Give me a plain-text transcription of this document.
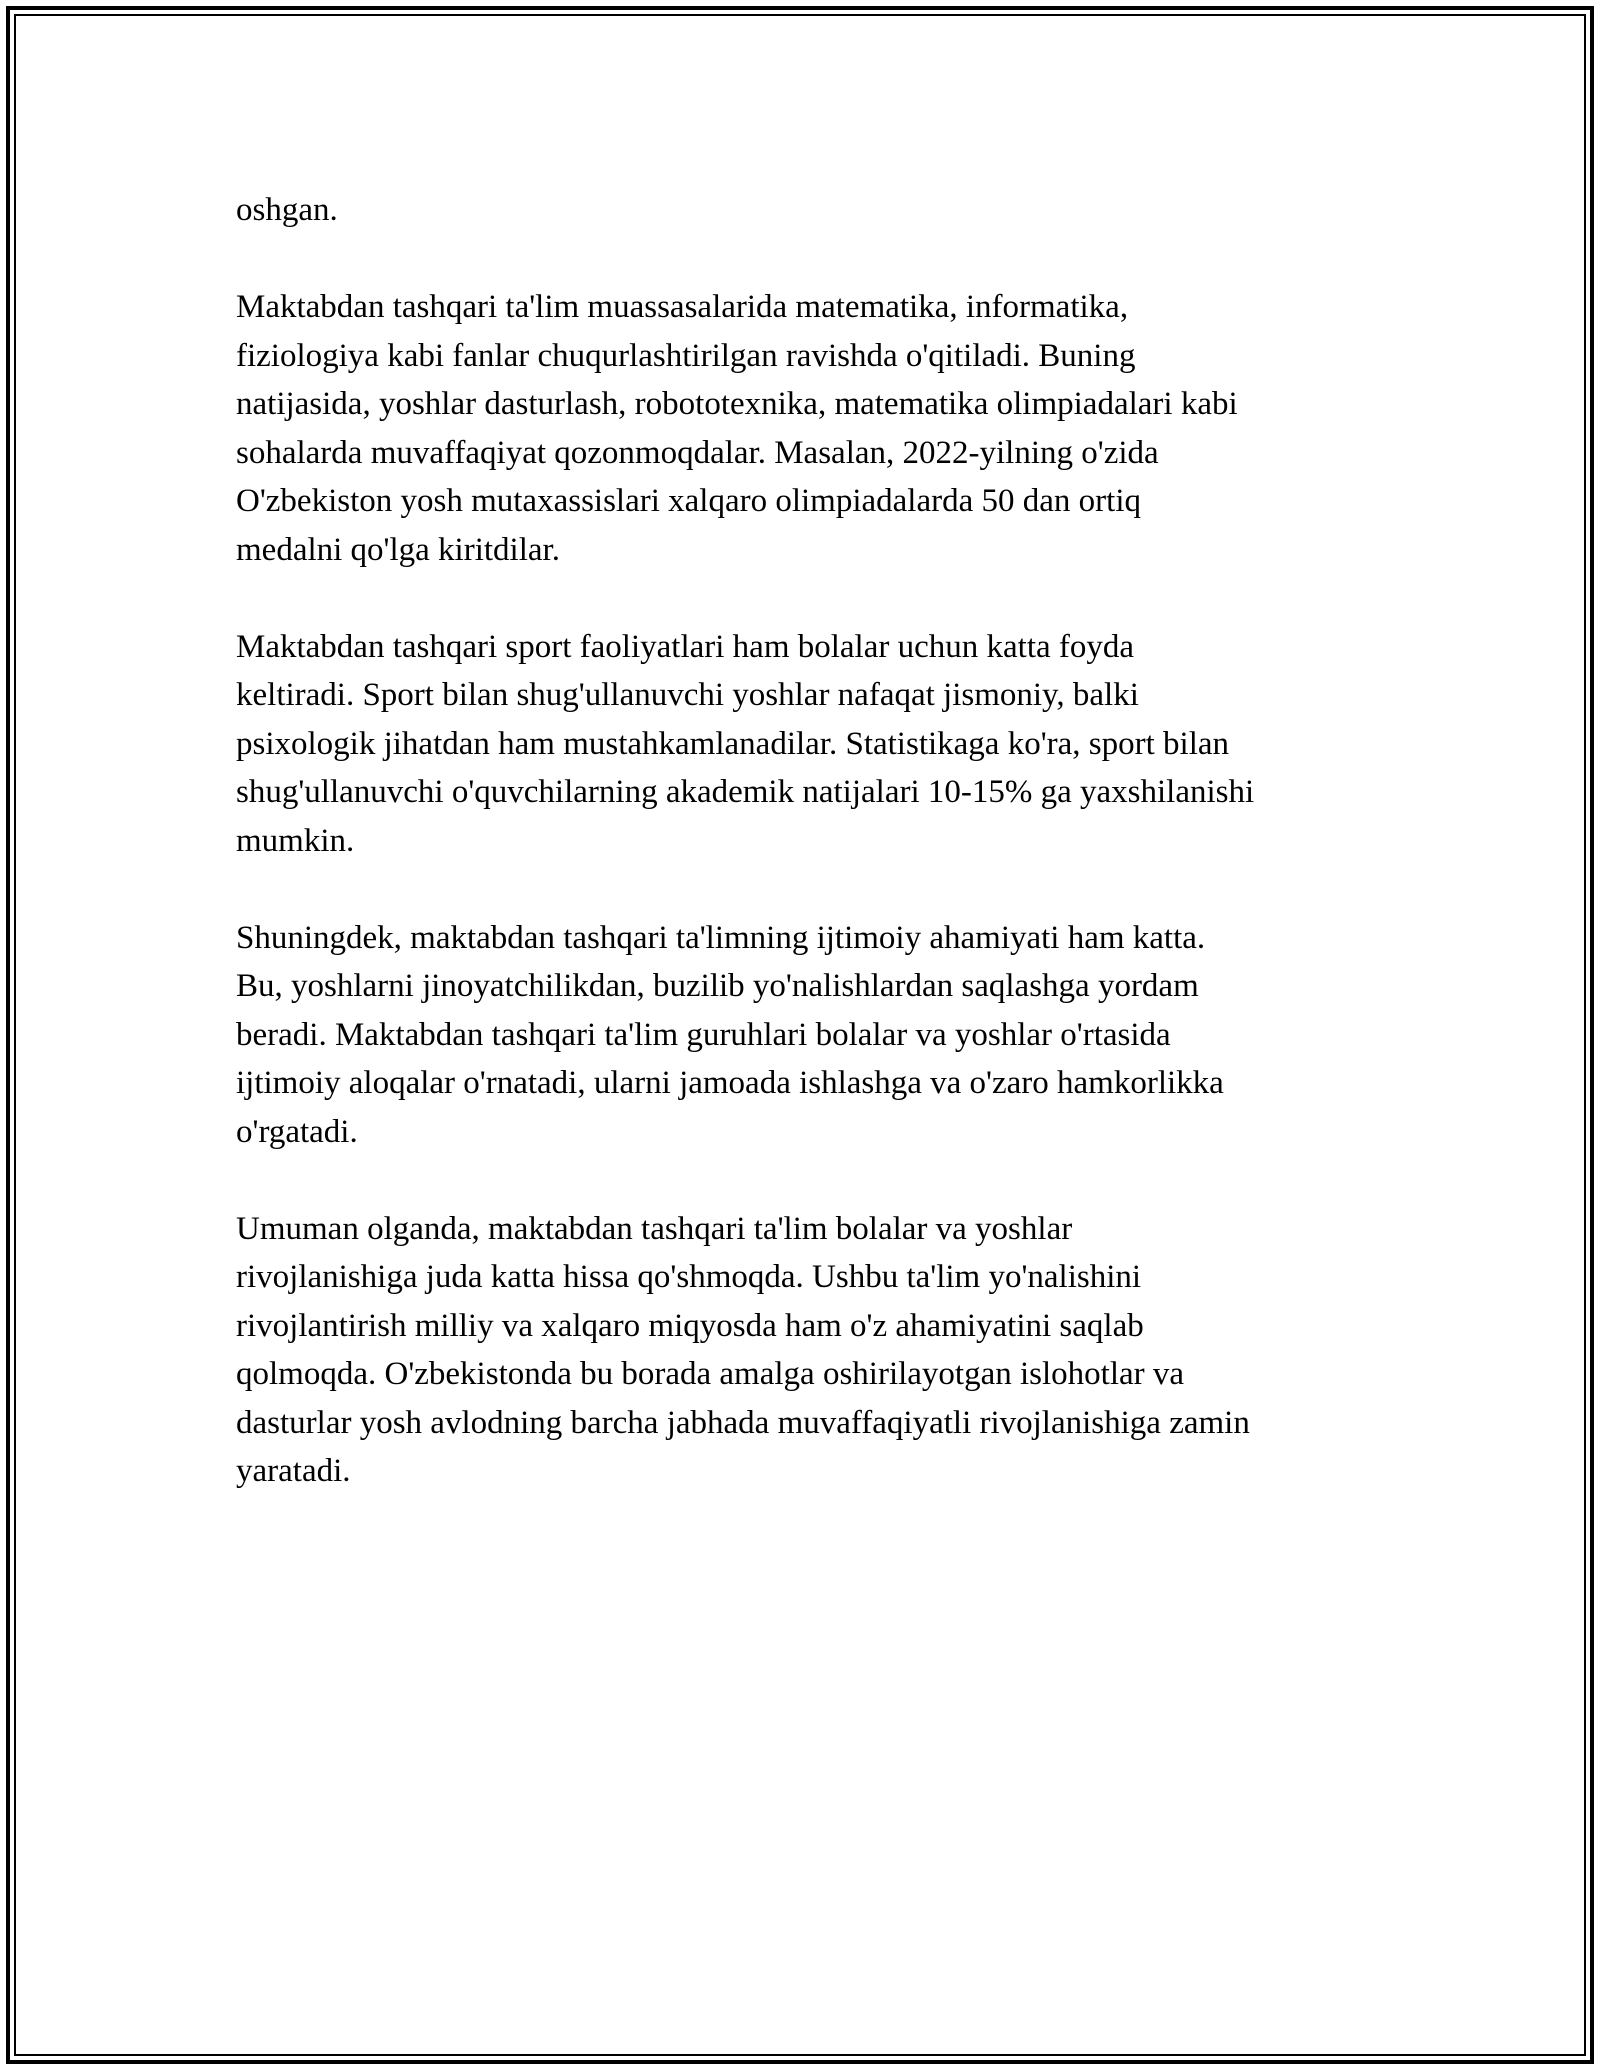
oshgan.

Maktabdan tashqari ta'lim muassasalarida matematika, informatika,
fiziologiya kabi fanlar chuqurlashtirilgan ravishda o'qitiladi. Buning
natijasida, yoshlar dasturlash, robototexnika, matematika olimpiadalari kabi
sohalarda muvaffaqiyat qozonmoqdalar. Masalan, 2022-yilning o'zida
O'zbekiston yosh mutaxassislari xalqaro olimpiadalarda 50 dan ortiq
medalni qo'lga kiritdilar.

Maktabdan tashqari sport faoliyatlari ham bolalar uchun katta foyda
keltiradi. Sport bilan shug'ullanuvchi yoshlar nafaqat jismoniy, balki
psixologik jihatdan ham mustahkamlanadilar. Statistikaga ko'ra, sport bilan
shug'ullanuvchi o'quvchilarning akademik natijalari 10-15% ga yaxshilanishi
mumkin.

Shuningdek, maktabdan tashqari ta'limning ijtimoiy ahamiyati ham katta.
Bu, yoshlarni jinoyatchilikdan, buzilib yo'nalishlardan saqlashga yordam
beradi. Maktabdan tashqari ta'lim guruhlari bolalar va yoshlar o'rtasida
ijtimoiy aloqalar o'rnatadi, ularni jamoada ishlashga va o'zaro hamkorlikka
o'rgatadi.

Umuman olganda, maktabdan tashqari ta'lim bolalar va yoshlar
rivojlanishiga juda katta hissa qo'shmoqda. Ushbu ta'lim yo'nalishini
rivojlantirish milliy va xalqaro miqyosda ham o'z ahamiyatini saqlab
qolmoqda. O'zbekistonda bu borada amalga oshirilayotgan islohotlar va
dasturlar yosh avlodning barcha jabhada muvaffaqiyatli rivojlanishiga zamin
yaratadi.
